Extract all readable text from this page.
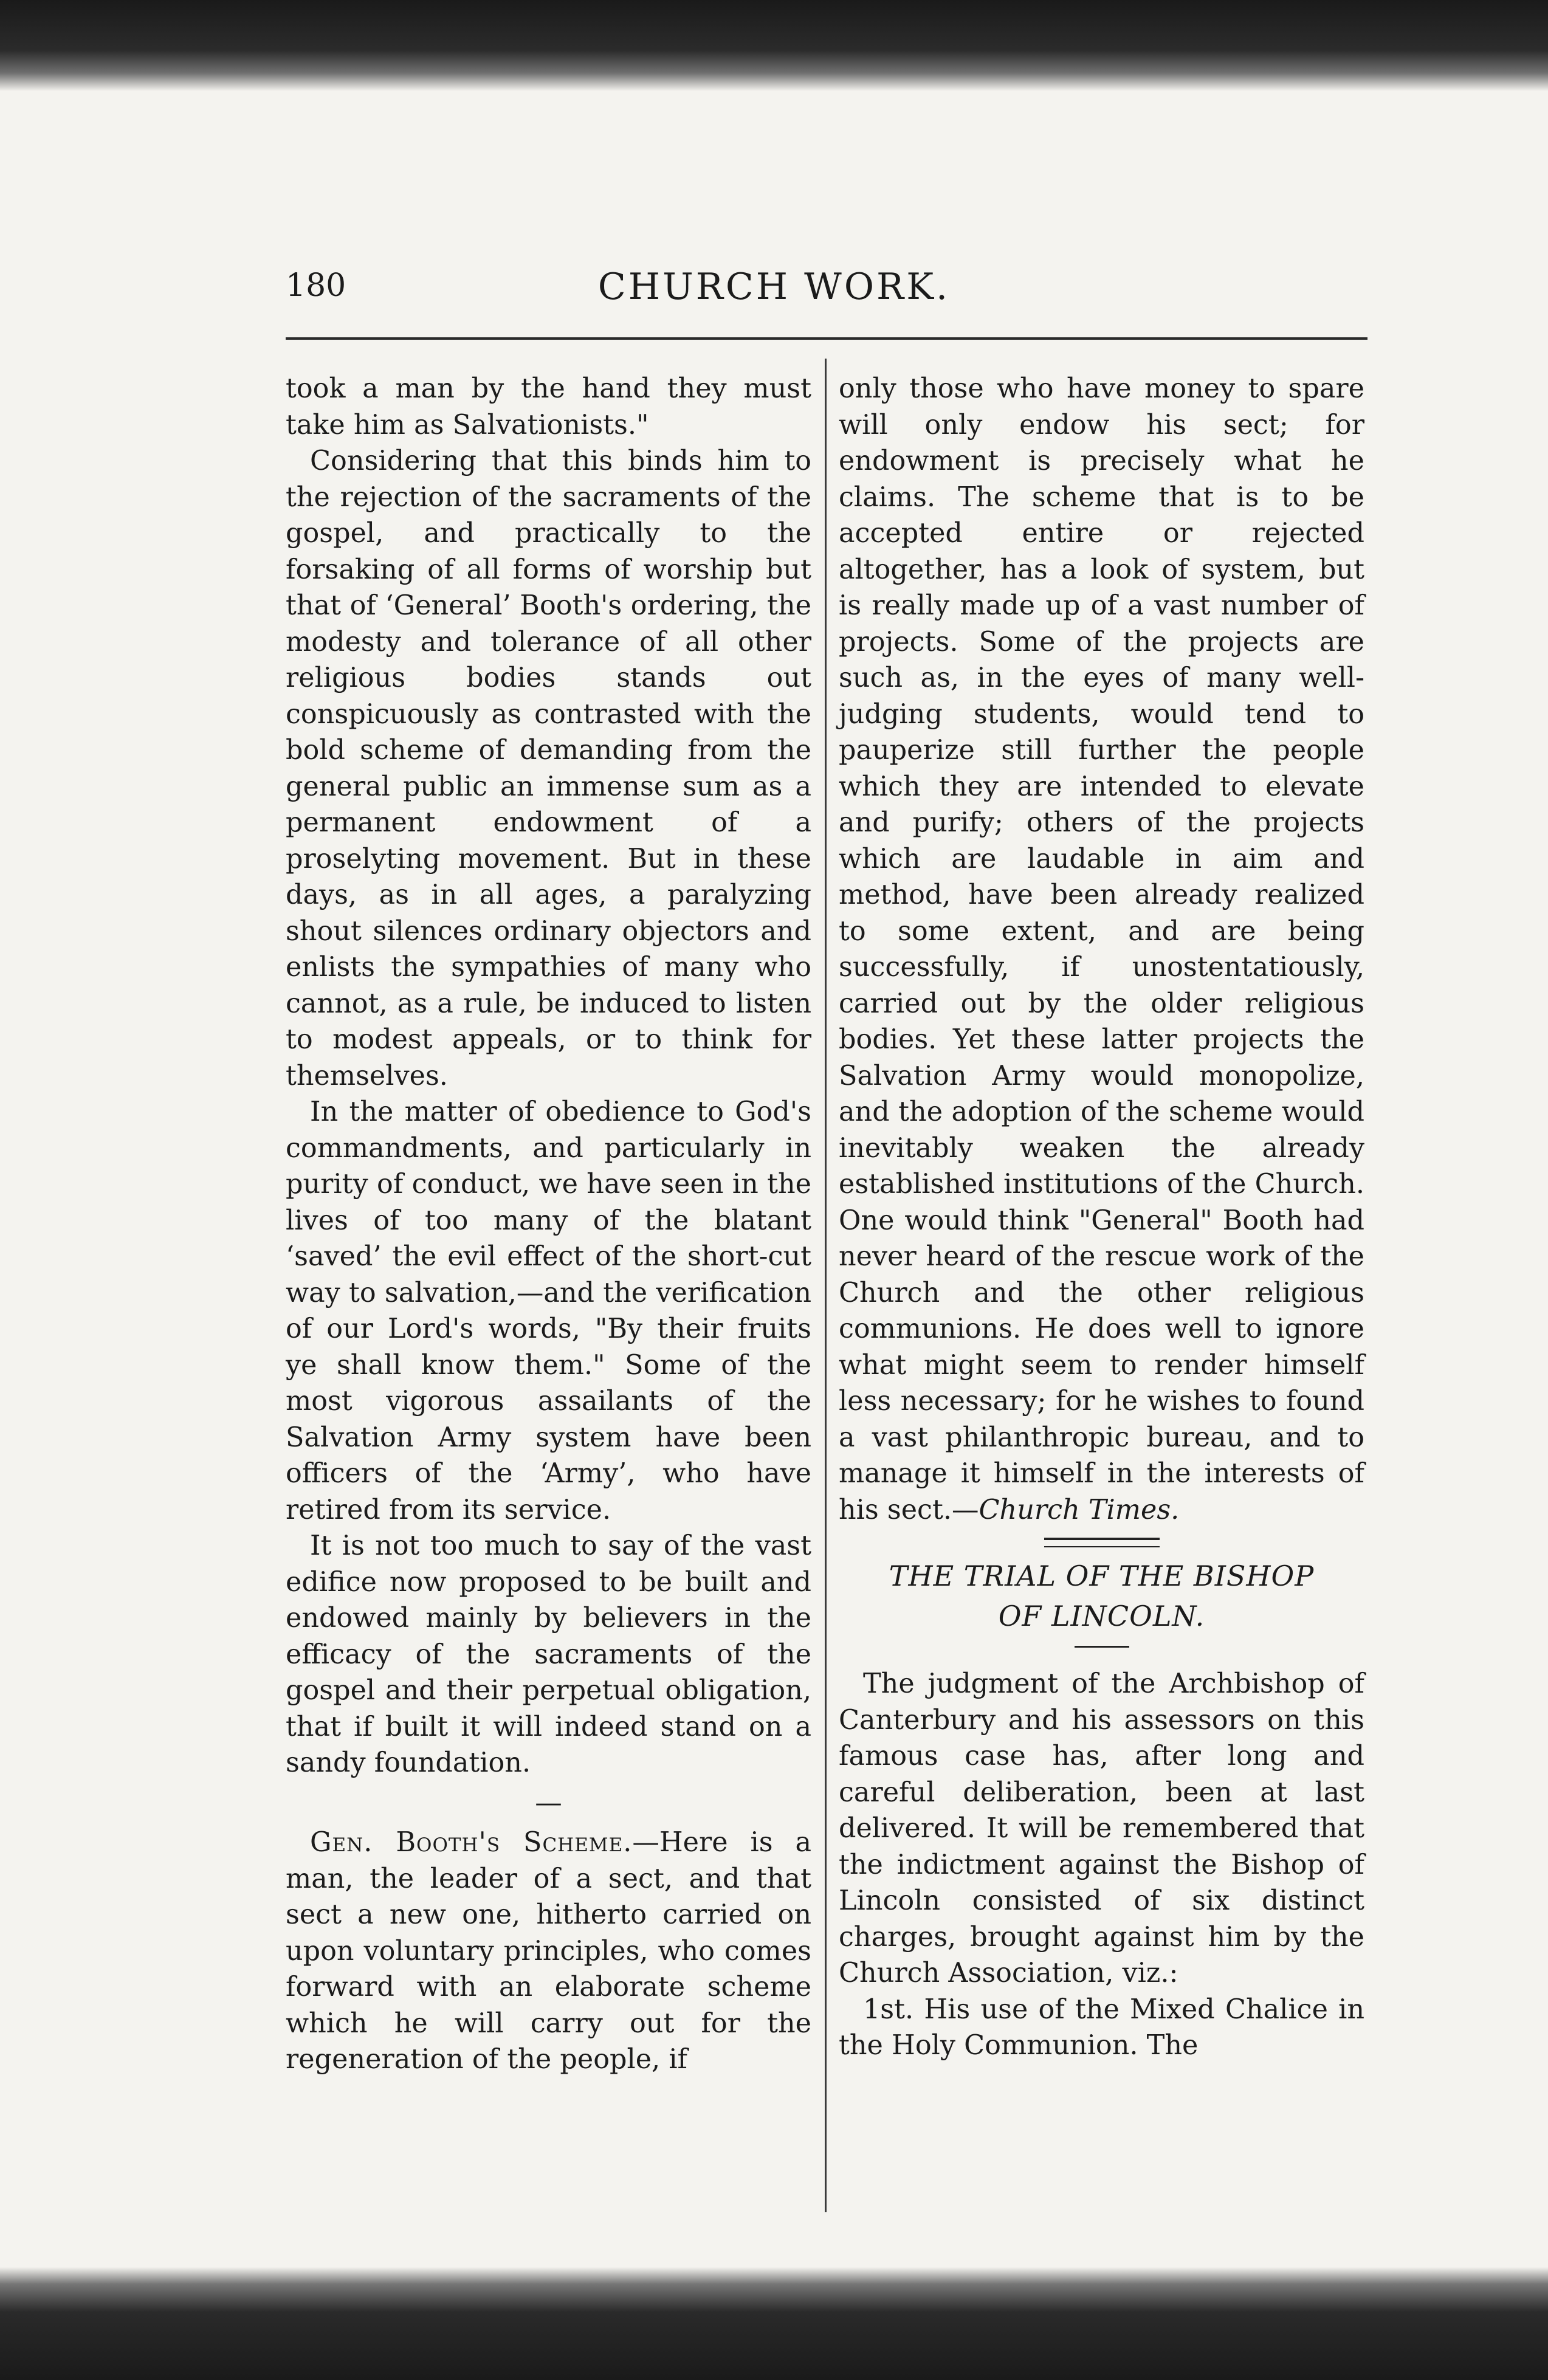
180	CHURCH WORK.

took a man by the hand they must take him as Salvationists."

Considering that this binds him to the rejection of the sacraments of the gospel, and practically to the forsaking of all forms of worship but that of ‘General’ Booth's ordering, the modesty and tolerance of all other religious bodies stands out conspicuously as contrasted with the bold scheme of demanding from the general public an immense sum as a permanent endowment of a proselyting movement. But in these days, as in all ages, a paralyzing shout silences ordinary objectors and enlists the sympathies of many who cannot, as a rule, be induced to listen to modest appeals, or to think for themselves.

In the matter of obedience to God's commandments, and particularly in purity of conduct, we have seen in the lives of too many of the blatant ‘saved’ the evil effect of the short-cut way to salvation,—and the verification of our Lord's words, "By their fruits ye shall know them." Some of the most vigorous assailants of the Salvation Army system have been officers of the ‘Army’, who have retired from its service.

It is not too much to say of the vast edifice now proposed to be built and endowed mainly by believers in the efficacy of the sacraments of the gospel and their perpetual obligation, that if built it will indeed stand on a sandy foundation.

—

Gen. Booth's Scheme.—Here is a man, the leader of a sect, and that sect a new one, hitherto carried on upon voluntary principles, who comes forward with an elaborate scheme which he will carry out for the regeneration of the people, if

only those who have money to spare will only endow his sect; for endowment is precisely what he claims. The scheme that is to be accepted entire or rejected altogether, has a look of system, but is really made up of a vast number of projects. Some of the projects are such as, in the eyes of many well-judging students, would tend to pauperize still further the people which they are intended to elevate and purify; others of the projects which are laudable in aim and method, have been already realized to some extent, and are being successfully, if unostentatiously, carried out by the older religious bodies. Yet these latter projects the Salvation Army would monopolize, and the adoption of the scheme would inevitably weaken the already established institutions of the Church. One would think "General" Booth had never heard of the rescue work of the Church and the other religious communions. He does well to ignore what might seem to render himself less necessary; for he wishes to found a vast philanthropic bureau, and to manage it himself in the interests of his sect.—Church Times.

THE TRIAL OF THE BISHOP
OF LINCOLN.

The judgment of the Archbishop of Canterbury and his assessors on this famous case has, after long and careful deliberation, been at last delivered. It will be remembered that the indictment against the Bishop of Lincoln consisted of six distinct charges, brought against him by the Church Association, viz.:

1st. His use of the Mixed Chalice in the Holy Communion. The
